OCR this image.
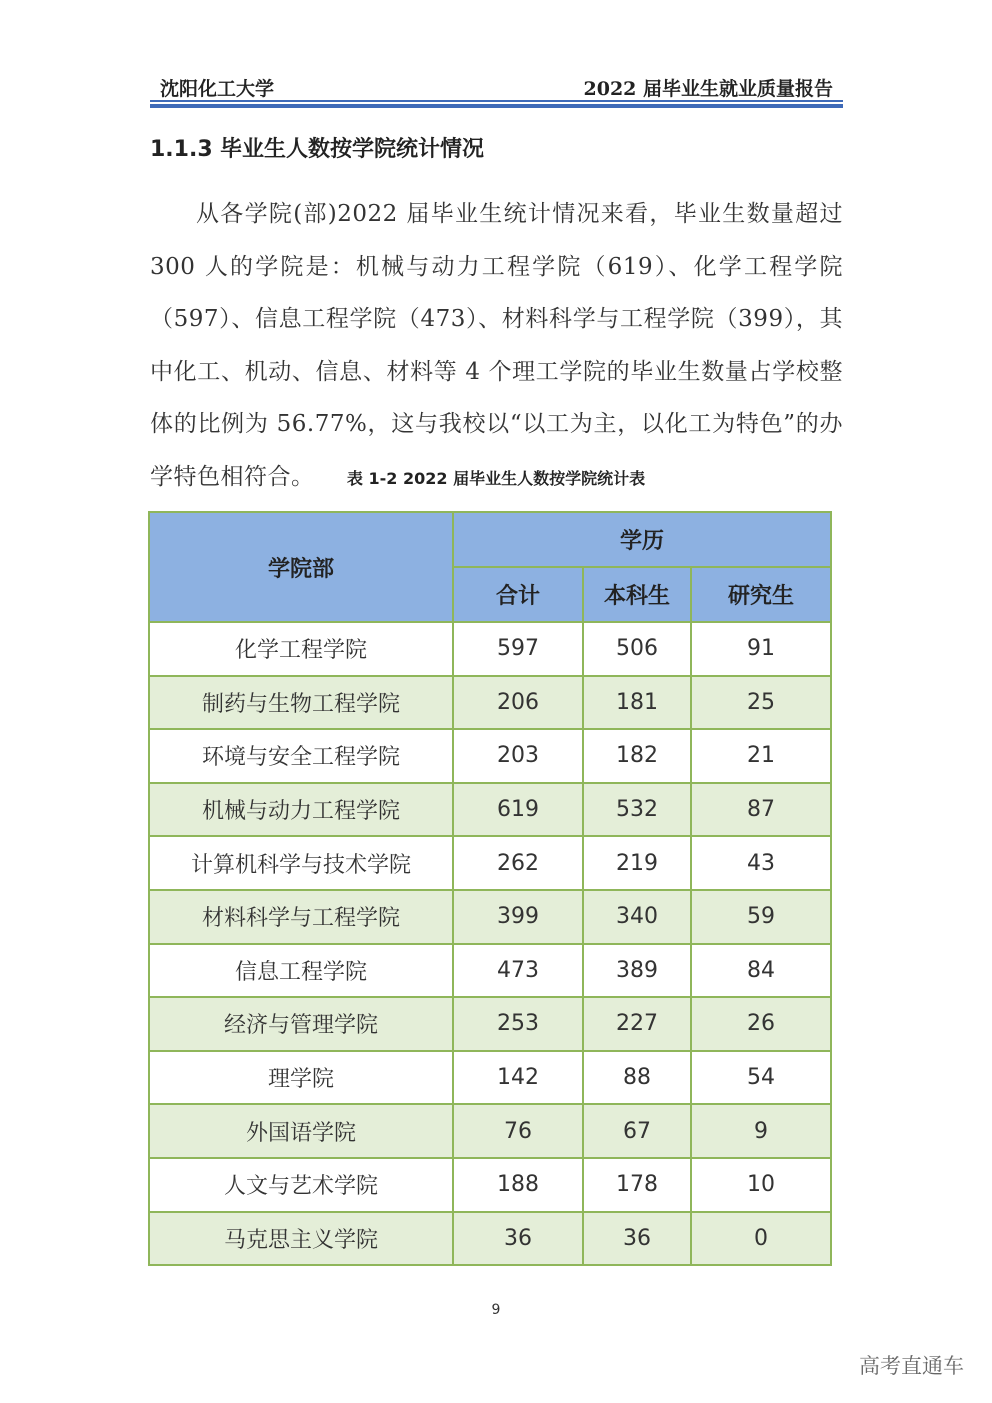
沈阳化工大学	2022 届毕业生就业质量报告
1.1.3 毕业生人数按学院统计情况

从各学院(部)2022 届毕业生统计情况来看，毕业生数量超过 300 人的学院是：机械与动力工程学院（619）、化学工程学院（597）、信息工程学院（473）、材料科学与工程学院（399），其中化工、机动、信息、材料等 4 个理工学院的毕业生数量占学校整体的比例为 56.77%，这与我校以“以工为主，以化工为特色”的办学特色相符合。	表 1-2 2022 届毕业生人数按学院统计表
学院部	学历		
	合计	本科生	研究生
化学工程学院	597	506	91
制药与生物工程学院	206	181	25
环境与安全工程学院	203	182	21
机械与动力工程学院	619	532	87
计算机科学与技术学院	262	219	43
材料科学与工程学院	399	340	59
信息工程学院	473	389	84
经济与管理学院	253	227	26
理学院	142	88	54
外国语学院	76	67	9
人文与艺术学院	188	178	10
马克思主义学院	36	36	0
9
高考直通车
